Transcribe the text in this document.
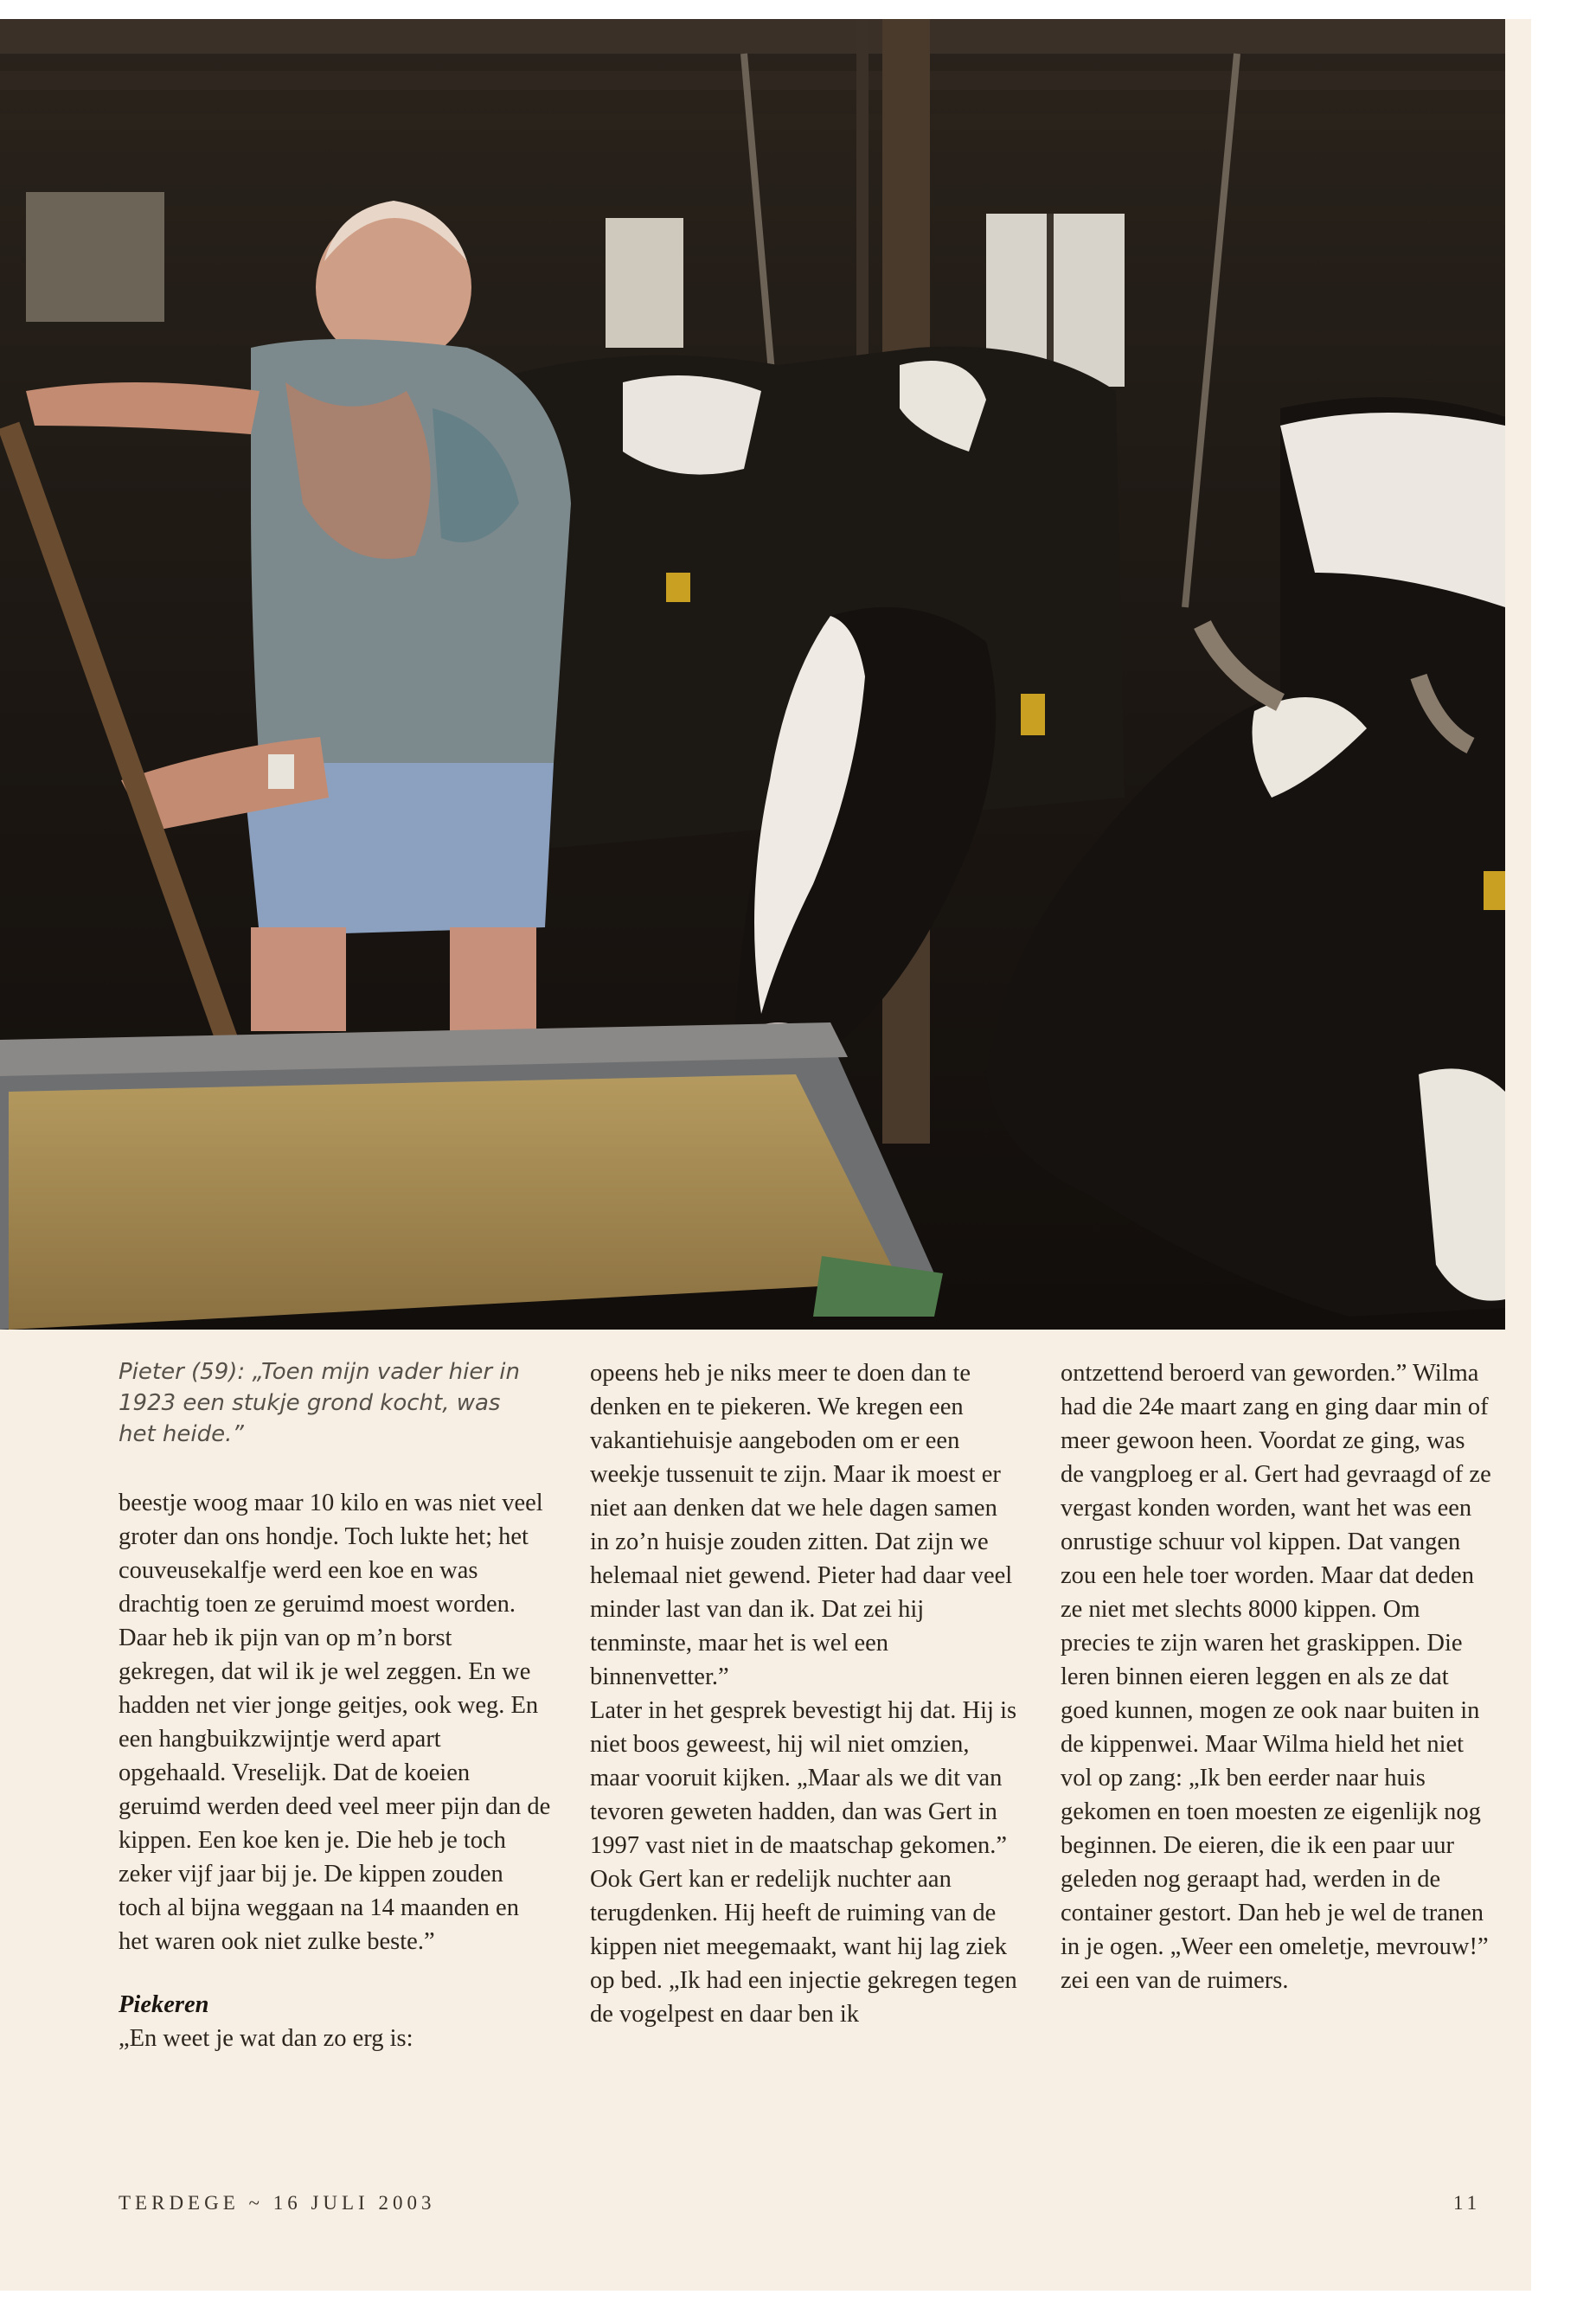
Pieter (59): „Toen mijn vader hier in 1923 een stukje grond kocht, was het heide.”

beestje woog maar 10 kilo en was niet veel groter dan ons hondje. Toch lukte het; het couveusekalfje werd een koe en was drachtig toen ze geruimd moest worden. Daar heb ik pijn van op m’n borst gekregen, dat wil ik je wel zeggen. En we hadden net vier jonge geitjes, ook weg. En een hangbuikzwijntje werd apart opgehaald. Vreselijk. Dat de koeien geruimd werden deed veel meer pijn dan de kippen. Een koe ken je. Die heb je toch zeker vijf jaar bij je. De kippen zouden toch al bijna weggaan na 14 maanden en het waren ook niet zulke beste.”

Piekeren

„En weet je wat dan zo erg is:

opeens heb je niks meer te doen dan te denken en te piekeren. We kregen een vakantiehuisje aangeboden om er een weekje tussenuit te zijn. Maar ik moest er niet aan denken dat we hele dagen samen in zo’n huisje zouden zitten. Dat zijn we helemaal niet gewend. Pieter had daar veel minder last van dan ik. Dat zei hij tenminste, maar het is wel een binnenvetter.”

Later in het gesprek bevestigt hij dat. Hij is niet boos geweest, hij wil niet omzien, maar vooruit kijken. „Maar als we dit van tevoren geweten hadden, dan was Gert in 1997 vast niet in de maatschap gekomen.” Ook Gert kan er redelijk nuchter aan terugdenken. Hij heeft de ruiming van de kippen niet meegemaakt, want hij lag ziek op bed. „Ik had een injectie gekregen tegen de vogelpest en daar ben ik

ontzettend beroerd van geworden.” Wilma had die 24e maart zang en ging daar min of meer gewoon heen. Voordat ze ging, was de vangploeg er al. Gert had gevraagd of ze vergast konden worden, want het was een onrustige schuur vol kippen. Dat vangen zou een hele toer worden. Maar dat deden ze niet met slechts 8000 kippen. Om precies te zijn waren het graskippen. Die leren binnen eieren leggen en als ze dat goed kunnen, mogen ze ook naar buiten in de kippenwei. Maar Wilma hield het niet vol op zang: „Ik ben eerder naar huis gekomen en toen moesten ze eigenlijk nog beginnen. De eieren, die ik een paar uur geleden nog geraapt had, werden in de container gestort. Dan heb je wel de tranen in je ogen. „Weer een omeletje, mevrouw!” zei een van de ruimers.

TERDEGE ~ 16 JULI 2003	11
